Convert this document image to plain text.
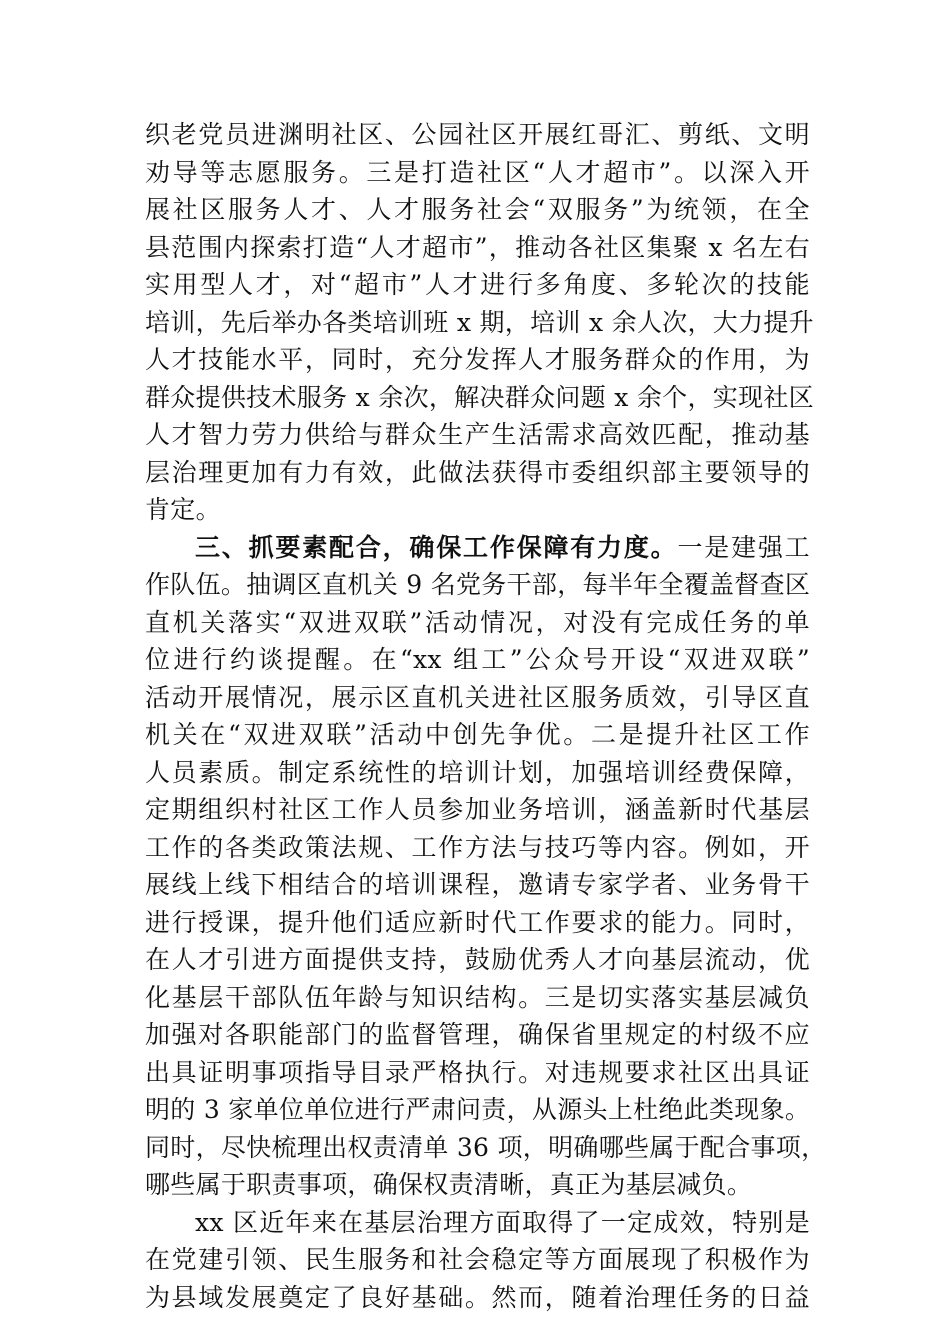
织老党员进渊明社区、公园社区开展红哥汇、剪纸、文明
劝导等志愿服务。三是打造社区“人才超市”。以深入开
展社区服务人才、人才服务社会“双服务”为统领，在全
县范围内探索打造“人才超市”，推动各社区集聚 x 名左右
实用型人才，对“超市”人才进行多角度、多轮次的技能
培训，先后举办各类培训班 x 期，培训 x 余人次，大力提升
人才技能水平，同时，充分发挥人才服务群众的作用，为
群众提供技术服务 x 余次，解决群众问题 x 余个，实现社区
人才智力劳力供给与群众生产生活需求高效匹配，推动基
层治理更加有力有效，此做法获得市委组织部主要领导的
肯定。
三、抓要素配合，确保工作保障有力度。一是建强工
作队伍。抽调区直机关 9 名党务干部，每半年全覆盖督查区
直机关落实“双进双联”活动情况，对没有完成任务的单
位进行约谈提醒。在“xx 组工”公众号开设“双进双联”
活动开展情况，展示区直机关进社区服务质效，引导区直
机关在“双进双联”活动中创先争优。二是提升社区工作
人员素质。制定系统性的培训计划，加强培训经费保障，
定期组织村社区工作人员参加业务培训，涵盖新时代基层
工作的各类政策法规、工作方法与技巧等内容。例如，开
展线上线下相结合的培训课程，邀请专家学者、业务骨干
进行授课，提升他们适应新时代工作要求的能力。同时，
在人才引进方面提供支持，鼓励优秀人才向基层流动，优
化基层干部队伍年龄与知识结构。三是切实落实基层减负
加强对各职能部门的监督管理，确保省里规定的村级不应
出具证明事项指导目录严格执行。对违规要求社区出具证
明的 3 家单位单位进行严肃问责，从源头上杜绝此类现象。
同时，尽快梳理出权责清单 36 项，明确哪些属于配合事项，
哪些属于职责事项，确保权责清晰，真正为基层减负。
xx 区近年来在基层治理方面取得了一定成效，特别是
在党建引领、民生服务和社会稳定等方面展现了积极作为
为县域发展奠定了良好基础。然而，随着治理任务的日益
